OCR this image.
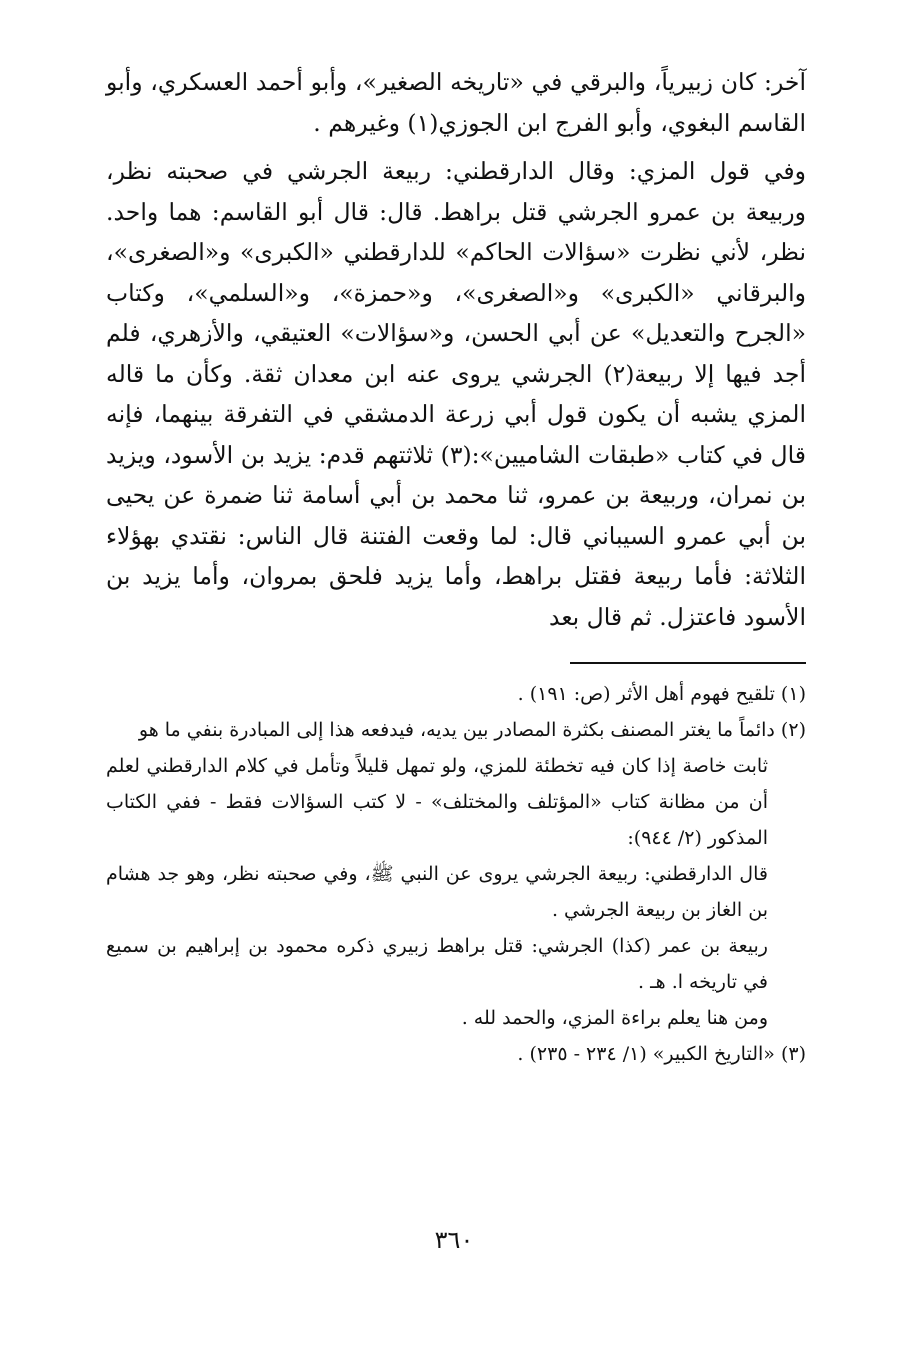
آخر: كان زبيرياً، والبرقي في «تاريخه الصغير»، وأبو أحمد العسكري، وأبو القاسم البغوي، وأبو الفرج ابن الجوزي(١) وغيرهم .

وفي قول المزي: وقال الدارقطني: ربيعة الجرشي في صحبته نظر، وربيعة بن عمرو الجرشي قتل براهط. قال: قال أبو القاسم: هما واحد. نظر، لأني نظرت «سؤالات الحاكم» للدارقطني «الكبرى» و«الصغرى»، والبرقاني «الكبرى» و«الصغرى»، و«حمزة»، و«السلمي»، وكتاب «الجرح والتعديل» عن أبي الحسن، و«سؤالات» العتيقي، والأزهري، فلم أجد فيها إلا ربيعة(٢) الجرشي يروى عنه ابن معدان ثقة. وكأن ما قاله المزي يشبه أن يكون قول أبي زرعة الدمشقي في التفرقة بينهما، فإنه قال في كتاب «طبقات الشاميين»:(٣) ثلاثتهم قدم: يزيد بن الأسود، ويزيد بن نمران، وربيعة بن عمرو، ثنا محمد بن أبي أسامة ثنا ضمرة عن يحيى بن أبي عمرو السيباني قال: لما وقعت الفتنة قال الناس: نقتدي بهؤلاء الثلاثة: فأما ربيعة فقتل براهط، وأما يزيد فلحق بمروان، وأما يزيد بن الأسود فاعتزل. ثم قال بعد

(١) تلقيح فهوم أهل الأثر (ص: ١٩١) .

(٢) دائماً ما يغتر المصنف بكثرة المصادر بين يديه، فيدفعه هذا إلى المبادرة بنفي ما هو

ثابت خاصة إذا كان فيه تخطئة للمزي، ولو تمهل قليلاً وتأمل في كلام الدارقطني لعلم أن من مظانة كتاب «المؤتلف والمختلف» - لا كتب السؤالات فقط - ففي الكتاب المذكور (٢/ ٩٤٤):

قال الدارقطني: ربيعة الجرشي يروى عن النبي ﷺ، وفي صحبته نظر، وهو جد هشام بن الغاز بن ربيعة الجرشي .

ربيعة بن عمر (كذا) الجرشي: قتل براهط زبيري ذكره محمود بن إبراهيم بن سميع في تاريخه ا. هـ .

ومن هنا يعلم براءة المزي، والحمد لله .

(٣) «التاريخ الكبير» (١/ ٢٣٤ - ٢٣٥) .

٣٦٠
